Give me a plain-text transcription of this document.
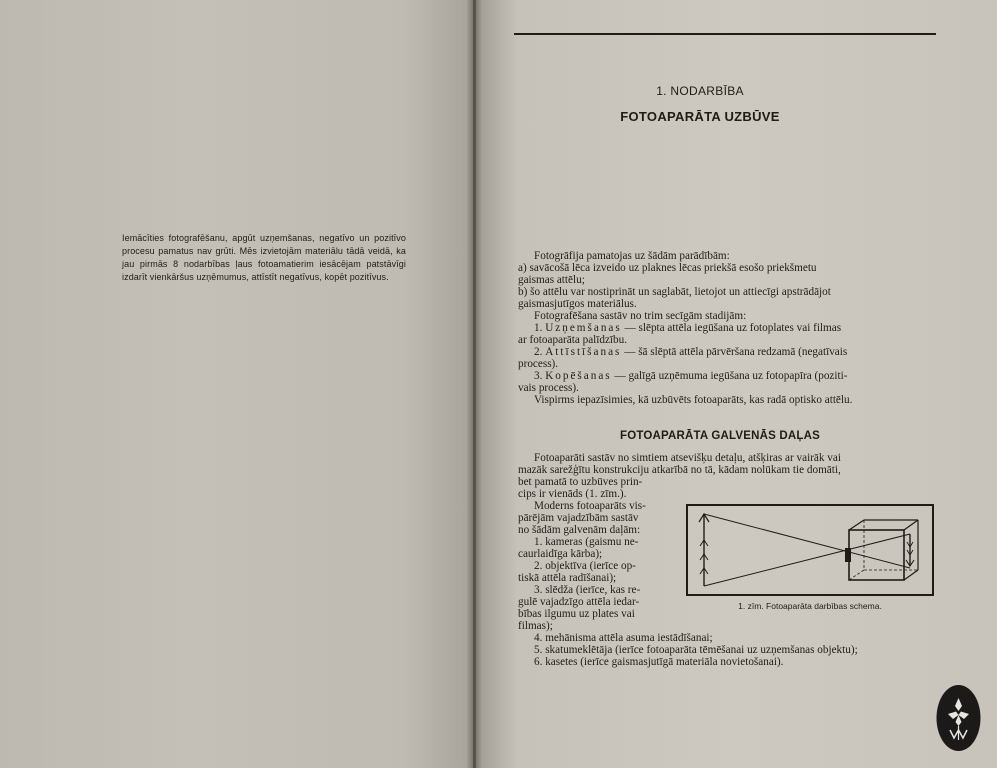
Iemācīties fotografēšanu, apgūt uzņemšanas, negatīvo un pozitīvo procesu pamatus nav grūti. Mēs izvietojām materiālu tādā veidā, ka jau pirmās 8 nodarbības ļaus fotoamatierim iesācējam patstāvīgi izdarīt vienkāršus uzņēmumus, attīstīt negatīvus, kopēt pozitīvus.
1. NODARBĪBA
FOTOAPARĀTA UZBŪVE
Fotogrāfija pamatojas uz šādām parādībām:
a) savācošā lēca izveido uz plaknes lēcas priekšā esošo priekšmetu
gaismas attēlu;
b) šo attēlu var nostiprināt un saglabāt, lietojot un attiecīgi apstrādājot
gaismasjutīgos materiālus.
Fotografēšana sastāv no trim secīgām stadijām:
1. Uzņemšanas — slēpta attēla iegūšana uz fotoplates vai filmas
ar fotoaparāta palīdzību.
2. Attīstīšanas — šā slēptā attēla pārvēršana redzamā (negatīvais
process).
3. Kopēšanas — galīgā uzņēmuma iegūšana uz fotopapīra (poziti-
vais process).
Vispirms iepazīsimies, kā uzbūvēts fotoaparāts, kas radā optisko attēlu.
FOTOAPARĀTA GALVENĀS DAĻAS
Fotoaparāti sastāv no simtiem atsevišķu detaļu, atšķiras ar vairāk vai
mazāk sarežģītu konstrukciju atkarībā no tā, kādam nolūkam tie domāti,
bet pamatā to uzbūves prin-
cips ir vienāds (1. zīm.).
Moderns fotoaparāts vis-
pārējām vajadzībām sastāv
no šādām galvenām daļām:
1. kameras (gaismu ne-
caurlaidīga kārba);
2. objektīva (ierīce op-
tiskā attēla radīšanai);
3. slēdža (ierīce, kas re-
gulē vajadzīgo attēla iedar-
bības ilgumu uz plates vai
filmas);
4. mehānisma attēla asuma iestādīšanai;
5. skatumeklētāja (ierīce fotoaparāta tēmēšanai uz uzņemšanas objektu);
6. kasetes (ierīce gaismasjutīgā materiāla novietošanai).
1. zīm. Fotoaparāta darbības schema.
